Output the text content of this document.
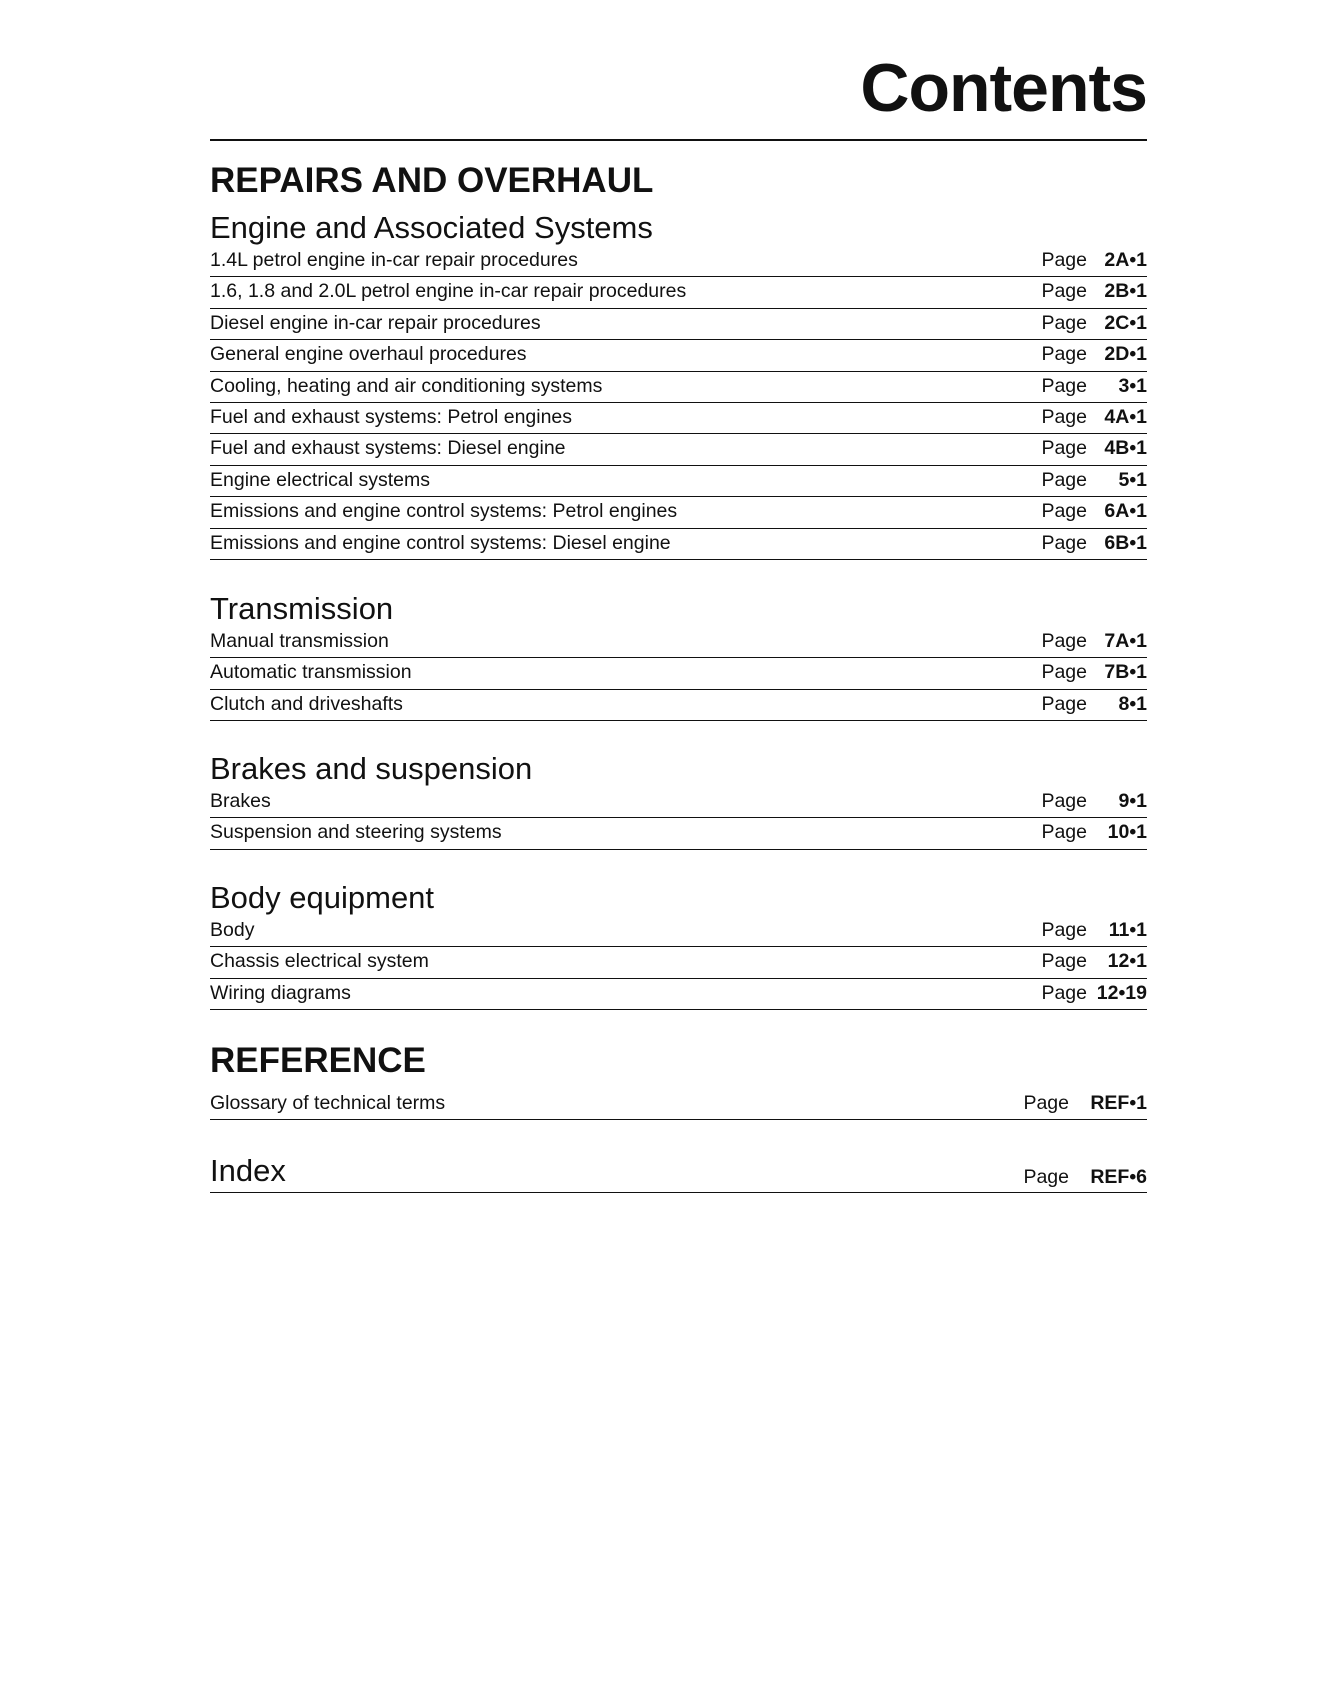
Contents
REPAIRS AND OVERHAUL
Engine and Associated Systems
1.4L petrol engine in-car repair procedures	Page 2A•1
1.6, 1.8 and 2.0L petrol engine in-car repair procedures	Page 2B•1
Diesel engine in-car repair procedures	Page 2C•1
General engine overhaul procedures	Page 2D•1
Cooling, heating and air conditioning systems	Page 3•1
Fuel and exhaust systems: Petrol engines	Page 4A•1
Fuel and exhaust systems: Diesel engine	Page 4B•1
Engine electrical systems	Page 5•1
Emissions and engine control systems: Petrol engines	Page 6A•1
Emissions and engine control systems: Diesel engine	Page 6B•1
Transmission
Manual transmission	Page 7A•1
Automatic transmission	Page 7B•1
Clutch and driveshafts	Page 8•1
Brakes and suspension
Brakes	Page 9•1
Suspension and steering systems	Page 10•1
Body equipment
Body	Page 11•1
Chassis electrical system	Page 12•1
Wiring diagrams	Page 12•19
REFERENCE
Glossary of technical terms	Page REF•1
Index	Page REF•6
